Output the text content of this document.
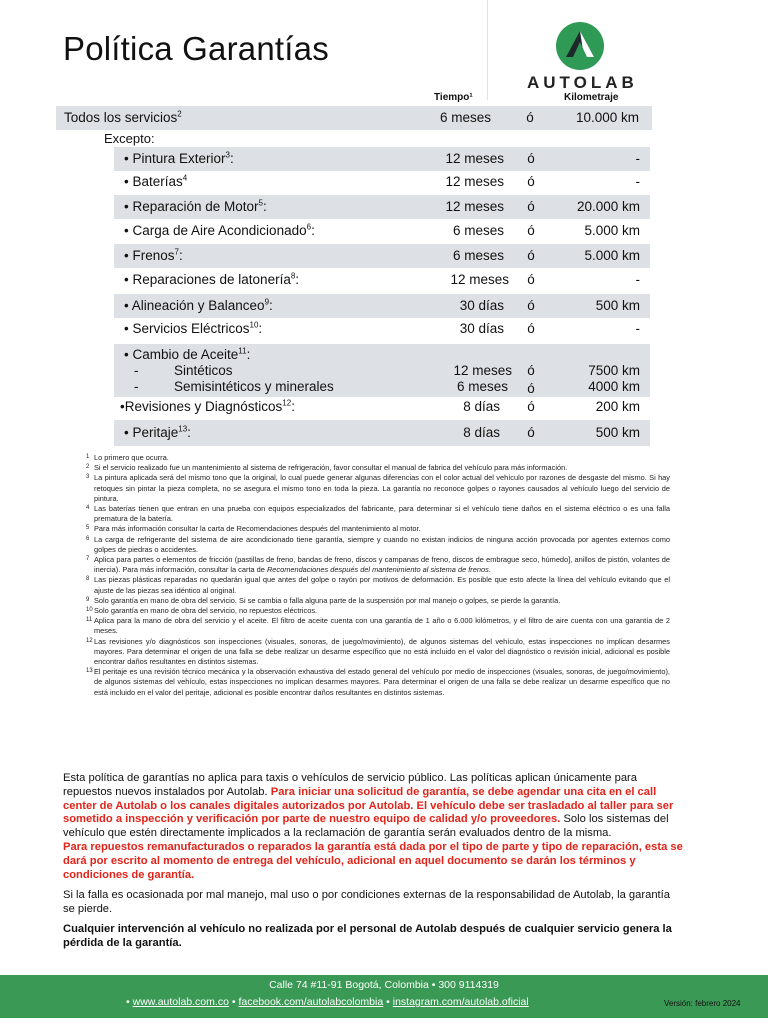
Política Garantías
AUTOLAB
Tiempo¹	Kilometraje
Todos los servicios$^2$	6 meses	ó	10.000 km
Excepto:
• Pintura Exterior$^3$:	12 meses ó	-
• Baterías$^4$	12 meses ó	-
• Reparación de Motor$^5$:	12 meses ó	20.000 km
• Carga de Aire Acondicionado$^6$:	6 meses ó	5.000 km
• Frenos$^7$:	6 meses ó	5.000 km
• Reparaciones de latonería$^8$:	12 meses ó	-
• Alineación y Balanceo$^9$:	30 días ó	500 km
• Servicios Eléctricos$^{10}$:	30 días ó	-
• Cambio de Aceite$^{11}$:
-	Sintéticos	12 meses ó	7500 km
-	Semisintéticos y minerales	6 meses ó	4000 km
•Revisiones y Diagnósticos$^{12}$:	8 días ó	200 km
• Peritaje$^{13}$:	8 días ó	500 km
1 Lo primero que ocurra.
2 Si el servicio realizado fue un mantenimiento al sistema de refrigeración, favor consultar el manual de fabrica del vehículo para más información.
3 La pintura aplicada será del mismo tono que la original, lo cual puede generar algunas diferencias con el color actual del vehículo por razones de desgaste del mismo. Si hay retoques sin pintar la pieza completa, no se asegura el mismo tono en toda la pieza. La garantía no reconoce golpes o rayones causados al vehículo luego del servicio de pintura.
4 Las baterías tienen que entran en una prueba con equipos especializados del fabricante, para determinar si el vehículo tiene daños en el sistema eléctrico o es una falla prematura de la batería.
5 Para más información consultar la carta de Recomendaciones después del mantenimiento al motor.
6 La carga de refrigerante del sistema de aire acondicionado tiene garantía, siempre y cuando no existan indicios de ninguna acción provocada por agentes externos como golpes de piedras o accidentes.
7 Aplica para partes o elementos de fricción (pastillas de freno, bandas de freno, discos y campanas de freno, discos de embrague seco, húmedo], anillos de pistón, volantes de inercia). Para más información, consultar la carta de Recomendaciones después del mantenimiento al sistema de frenos.
8 Las piezas plásticas reparadas no quedarán igual que antes del golpe o rayón por motivos de deformación. Es posible que esto afecte la línea del vehículo evitando que el ajuste de las piezas sea idéntico al original.
9 Solo garantía en mano de obra del servicio. Si se cambia o falla alguna parte de la suspensión por mal manejo o golpes, se pierde la garantía.
10 Solo garantía en mano de obra del servicio, no repuestos eléctricos.
11 Aplica para la mano de obra del servicio y el aceite. El filtro de aceite cuenta con una garantía de 1 año o 6.000 kilómetros, y el filtro de aire cuenta con una garantía de 2 meses.
12 Las revisiones y/o diagnósticos son inspecciones (visuales, sonoras, de juego/movimiento), de algunos sistemas del vehículo, estas inspecciones no implican desarmes mayores. Para determinar el origen de una falla se debe realizar un desarme específico que no está incluido en el valor del diagnóstico o revisión inicial, adicional es posible encontrar daños resultantes en distintos sistemas.
13 El peritaje es una revisión técnico mecánica y la observación exhaustiva del estado general del vehículo por medio de inspecciones (visuales, sonoras, de juego/movimiento), de algunos sistemas del vehículo, estas inspecciones no implican desarmes mayores. Para determinar el origen de una falla se debe realizar un desarme específico que no está incluido en el valor del peritaje, adicional es posible encontrar daños resultantes en distintos sistemas.
Esta política de garantías no aplica para taxis o vehículos de servicio público. Las políticas aplican únicamente para repuestos nuevos instalados por Autolab. Para iniciar una solicitud de garantía, se debe agendar una cita en el call center de Autolab o los canales digitales autorizados por Autolab. El vehículo debe ser trasladado al taller para ser sometido a inspección y verificación por parte de nuestro equipo de calidad y/o proveedores. Solo los sistemas del vehículo que estén directamente implicados a la reclamación de garantía serán evaluados dentro de la misma.
Para repuestos remanufacturados o reparados la garantía está dada por el tipo de parte y tipo de reparación, esta se dará por escrito al momento de entrega del vehículo, adicional en aquel documento se darán los términos y condiciones de garantía.
Si la falla es ocasionada por mal manejo, mal uso o por condiciones externas de la responsabilidad de Autolab, la garantía se pierde.
Cualquier intervención al vehículo no realizada por el personal de Autolab después de cualquier servicio genera la pérdida de la garantía.
Calle 74 #11-91 Bogotá, Colombia • 300 9114319
• www.autolab.com.co • facebook.com/autolabcolombia • instagram.com/autolab.oficial	Versión: febrero 2024
